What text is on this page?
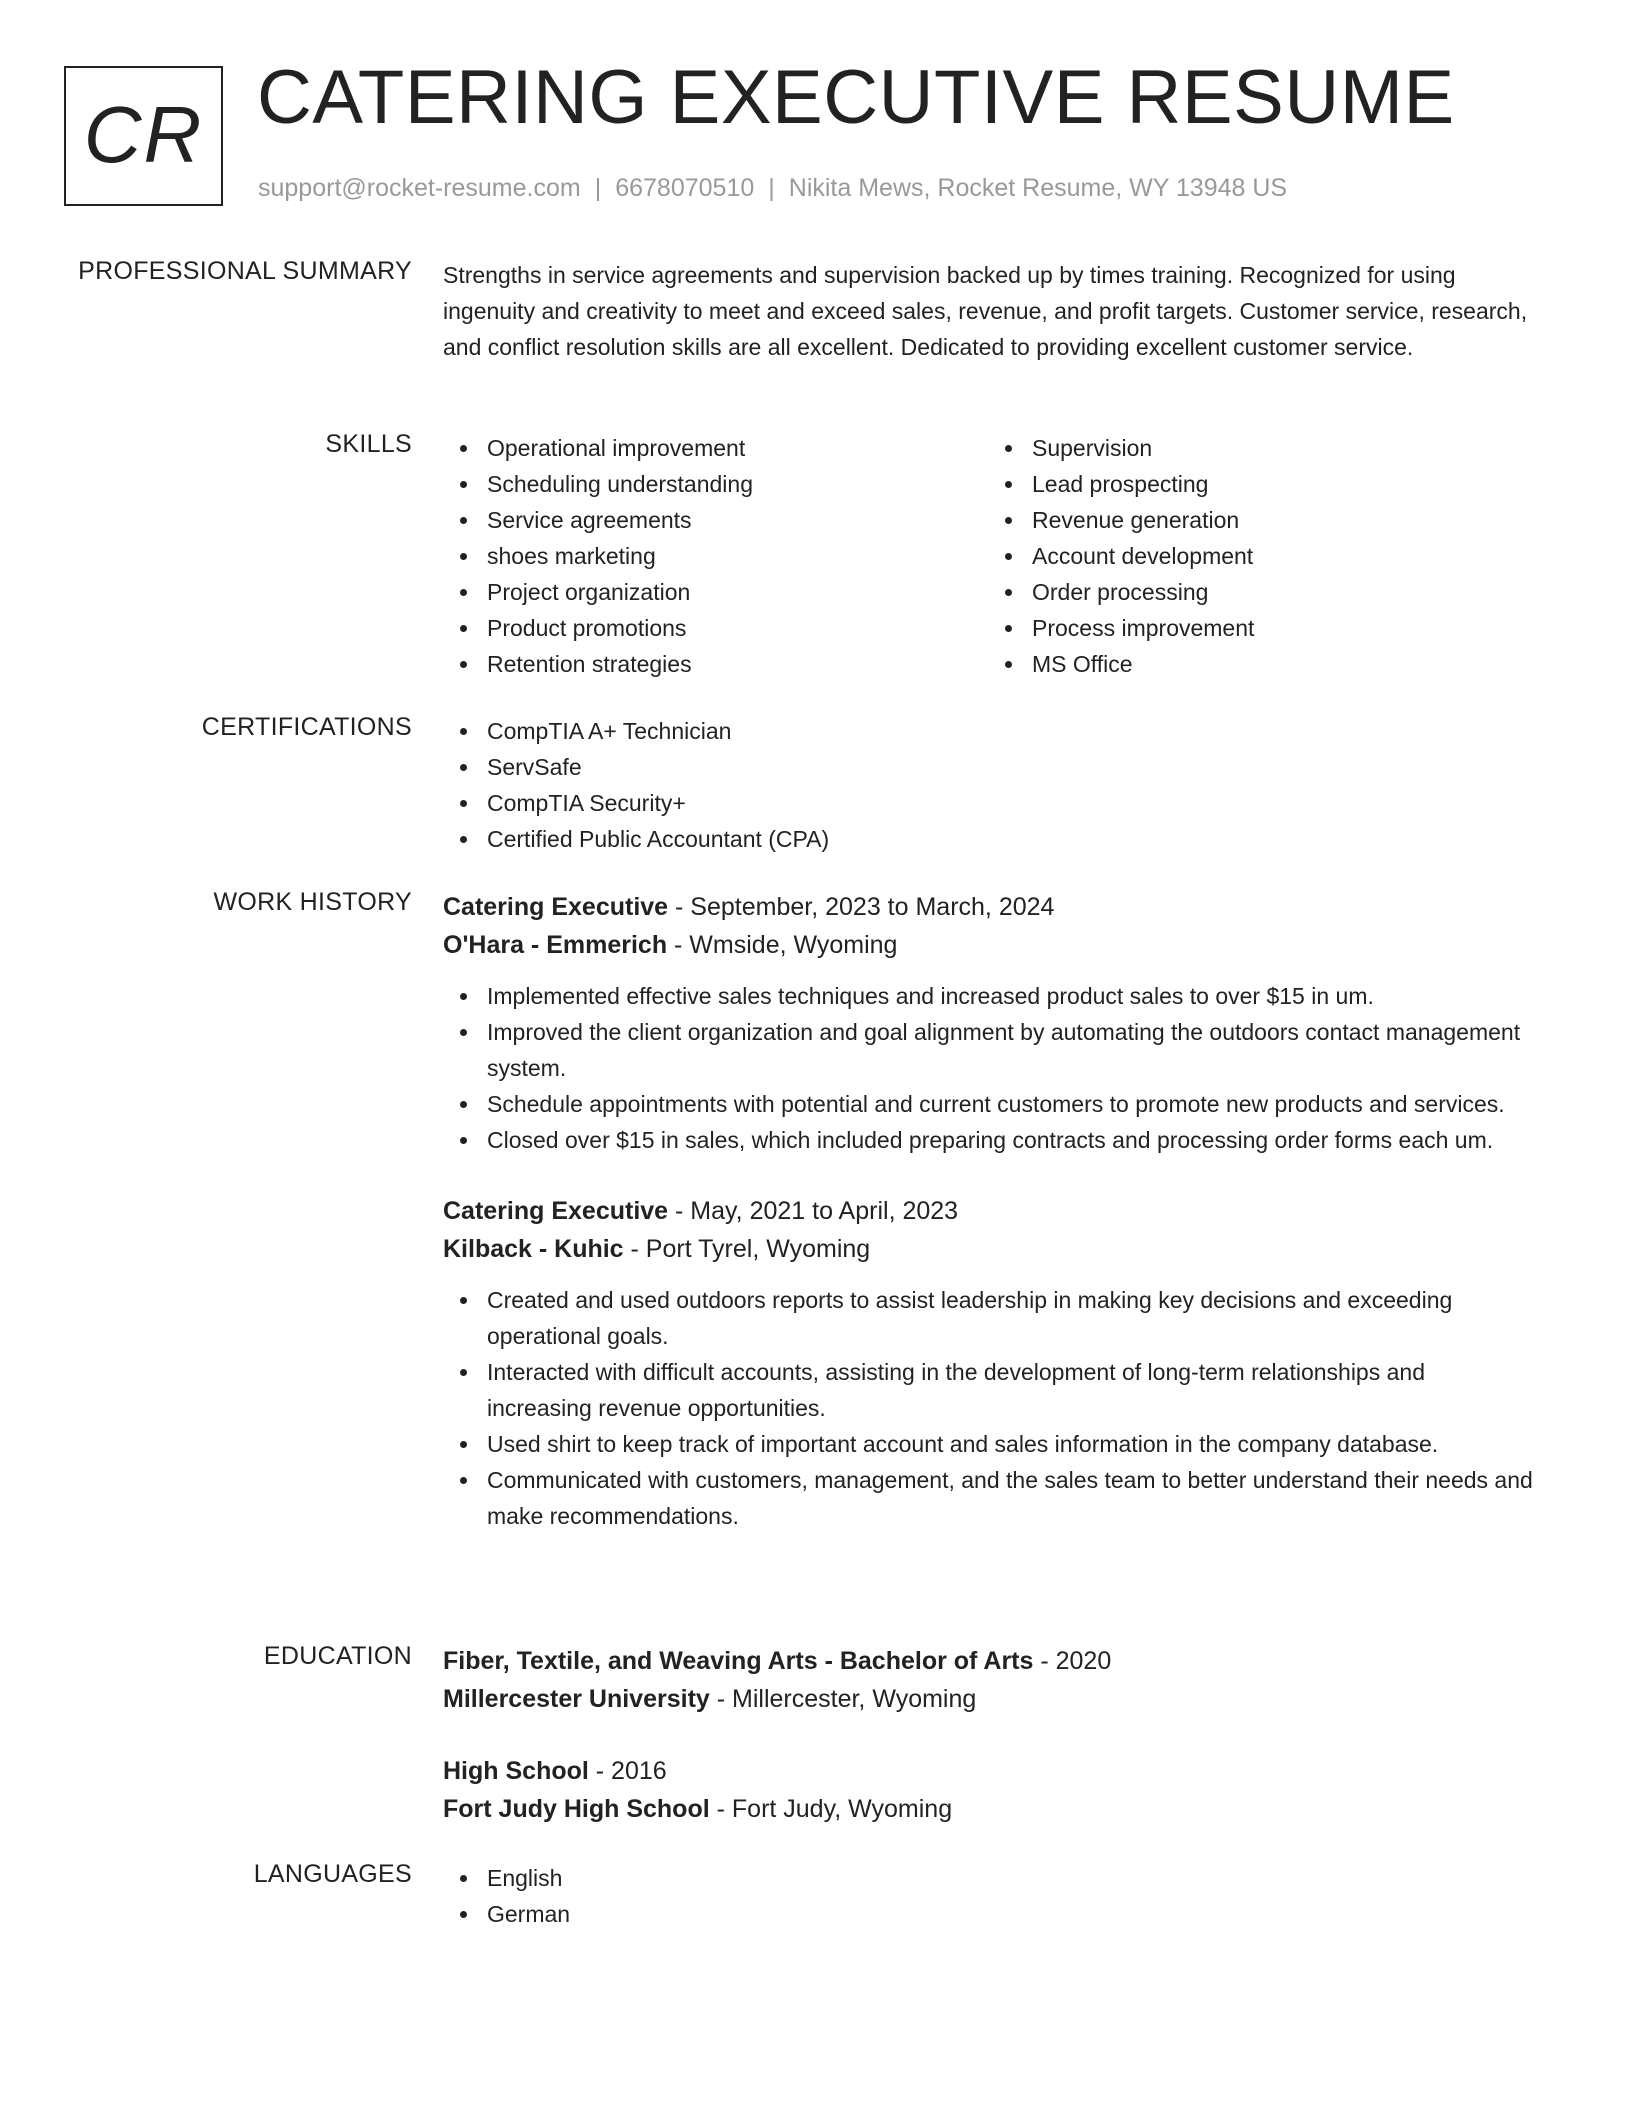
CR CATERING EXECUTIVE RESUME
support@rocket-resume.com | 6678070510 | Nikita Mews, Rocket Resume, WY 13948 US
PROFESSIONAL SUMMARY Strengths in service agreements and supervision backed up by times training. Recognized for using ingenuity and creativity to meet and exceed sales, revenue, and profit targets. Customer service, research, and conflict resolution skills are all excellent. Dedicated to providing excellent customer service.

SKILLS	Operational improvement
Scheduling understanding
Service agreements
shoes marketing
Project organization
Product promotions
Retention strategies
Supervision
Lead prospecting
Revenue generation
Account development
Order processing
Process improvement
MS Office
CERTIFICATIONS	CompTIA A+ Technician
ServSafe
CompTIA Security+
Certified Public Accountant (CPA)
WORK HISTORY Catering Executive - September, 2023 to March, 2024
O'Hara - Emmerich - Wmside, Wyoming
Implemented effective sales techniques and increased product sales to over $15 in um.
Improved the client organization and goal alignment by automating the outdoors contact management system.
Schedule appointments with potential and current customers to promote new products and services.
Closed over $15 in sales, which included preparing contracts and processing order forms each um.
Catering Executive - May, 2021 to April, 2023
Kilback - Kuhic - Port Tyrel, Wyoming
Created and used outdoors reports to assist leadership in making key decisions and exceeding operational goals.
Interacted with difficult accounts, assisting in the development of long-term relationships and increasing revenue opportunities.
Used shirt to keep track of important account and sales information in the company database.
Communicated with customers, management, and the sales team to better understand their needs and make recommendations.
EDUCATION Fiber, Textile, and Weaving Arts - Bachelor of Arts - 2020
Millercester University - Millercester, Wyoming
High School - 2016
Fort Judy High School - Fort Judy, Wyoming
LANGUAGES	English
German
